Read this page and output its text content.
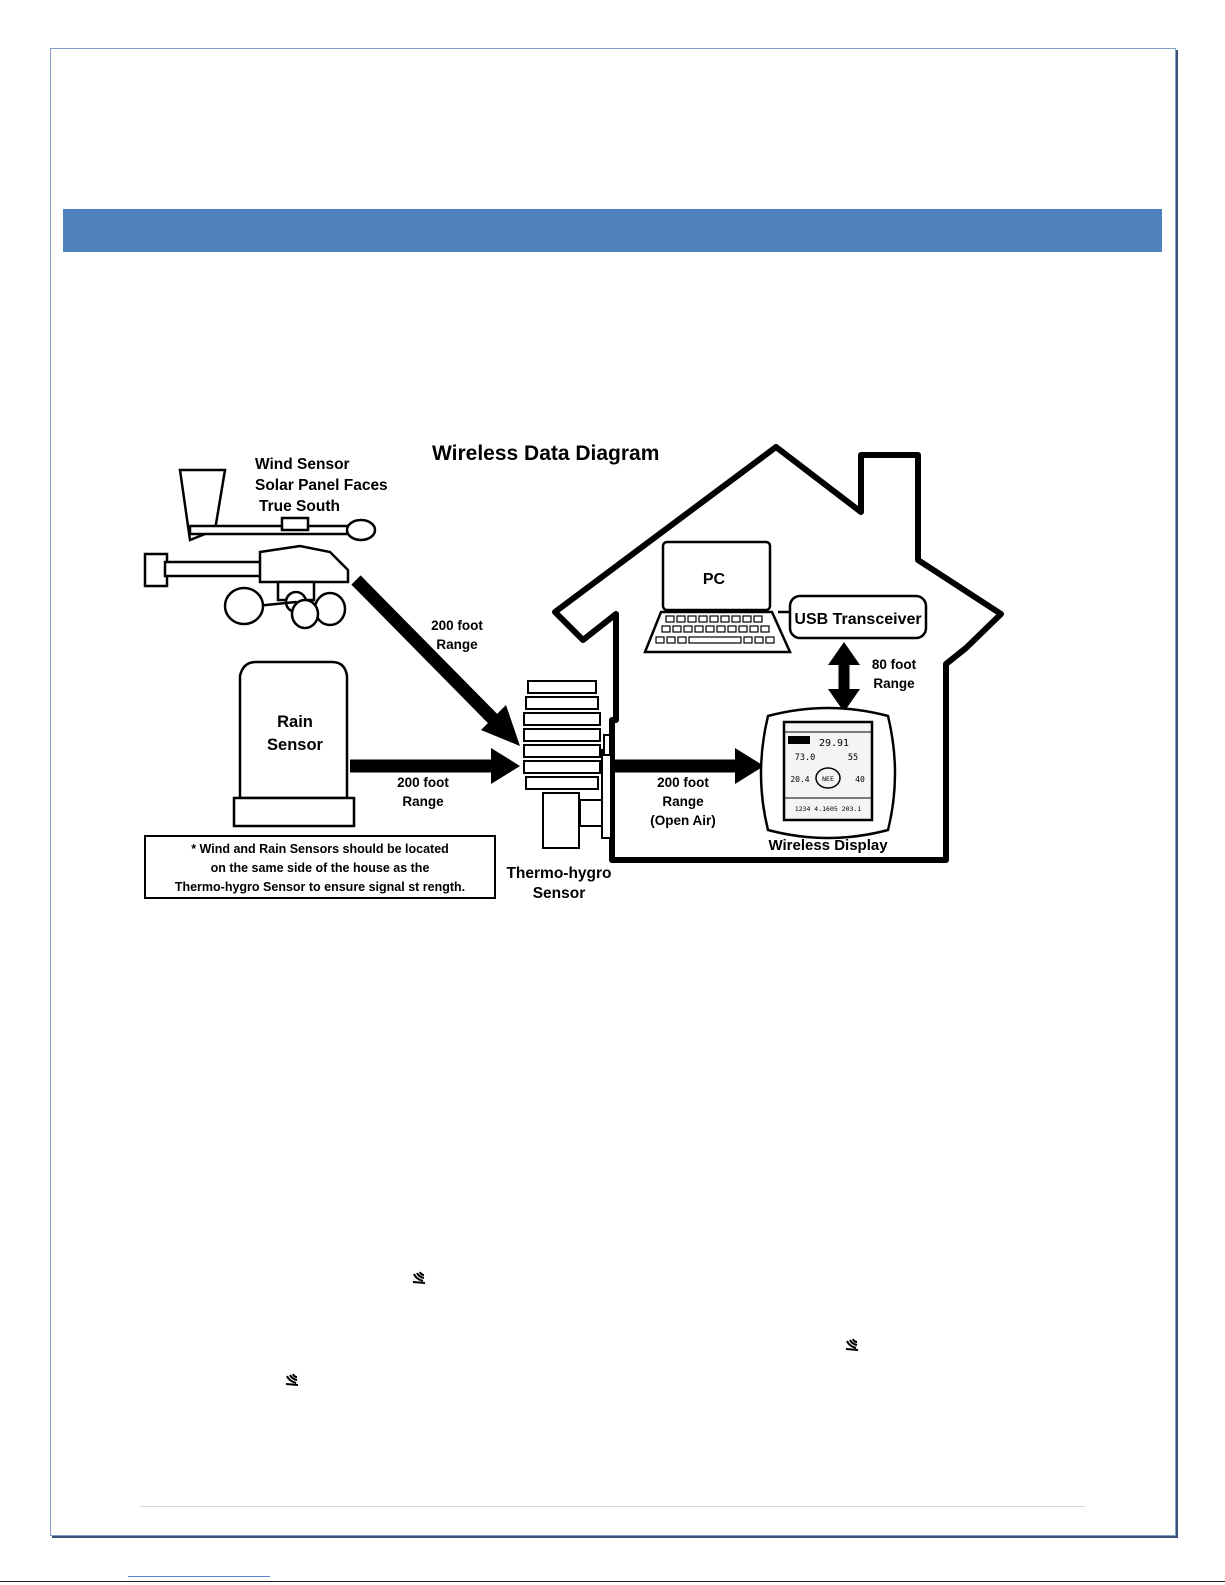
Wireless Data Diagram
Wind Sensor
Solar Panel Faces
True South
Rain
Sensor
Thermo-hygro
Sensor
200 foot
Range
200 foot
Range
200 foot
Range
(Open Air)
80 foot
Range
PC
USB Transceiver
29.91
73.0	55
20.4 NEE	40
1234 4.1605 203.1
Wireless Display
* Wind and Rain Sensors should be located
on the same side of the house as the
Thermo-hygro Sensor to ensure signal st rength.
